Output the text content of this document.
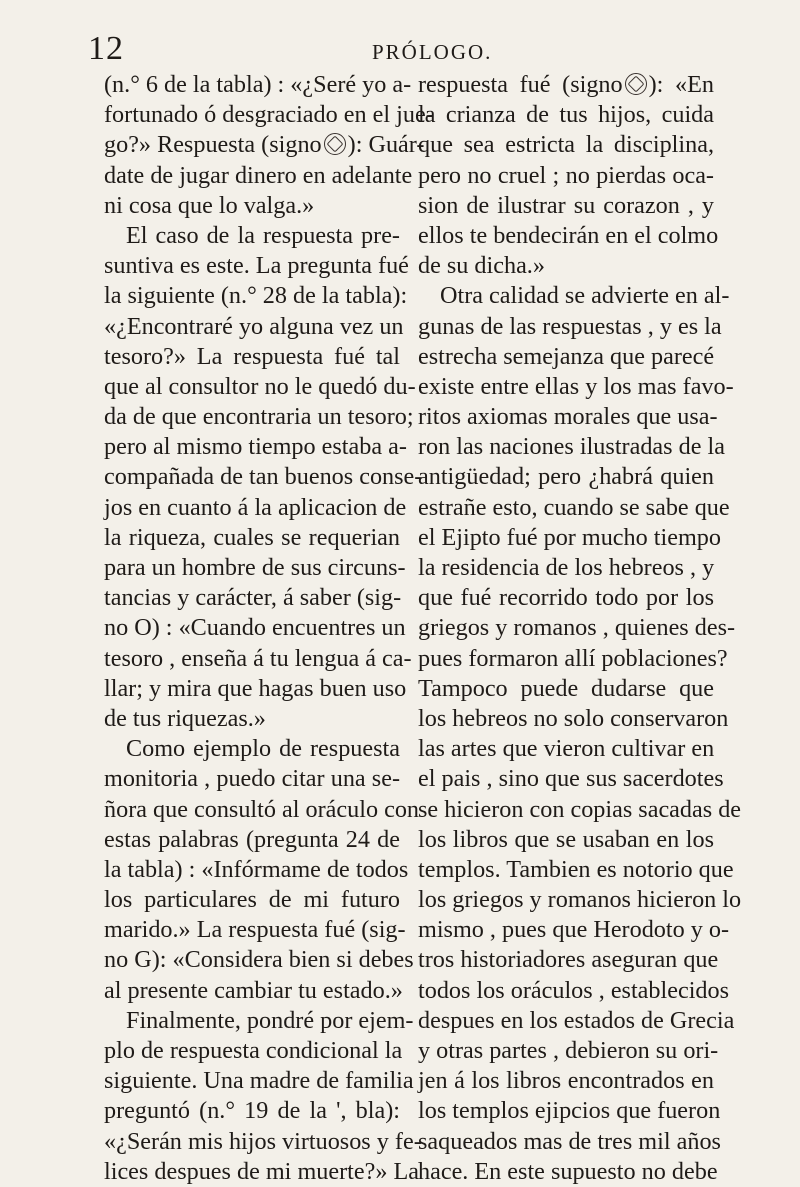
12	PRÓLOGO.
(n.° 6 de la tabla) : «¿Seré yo a-
fortunado ó desgraciado en el jue-
go?» Respuesta (signo ): Guár-
date de jugar dinero en adelante
ni cosa que lo valga.»
El caso de la respuesta pre-
suntiva es este. La pregunta fué
la siguiente (n.° 28 de la tabla):
«¿Encontraré yo alguna vez un
tesoro?» La respuesta fué tal
que al consultor no le quedó du-
da de que encontraria un tesoro;
pero al mismo tiempo estaba a-
compañada de tan buenos conse-
jos en cuanto á la aplicacion de
la riqueza, cuales se requerian
para un hombre de sus circuns-
tancias y carácter, á saber (sig-
no O) : «Cuando encuentres un
tesoro , enseña á tu lengua á ca-
llar; y mira que hagas buen uso
de tus riquezas.»
Como ejemplo de respuesta
monitoria , puedo citar una se-
ñora que consultó al oráculo con
estas palabras (pregunta 24 de
la tabla) : «Infórmame de todos
los particulares de mi futuro
marido.» La respuesta fué (sig-
no G): «Considera bien si debes
al presente cambiar tu estado.»
Finalmente, pondré por ejem-
plo de respuesta condicional la
siguiente. Una madre de familia
preguntó (n.° 19 de la ', bla):
«¿Serán mis hijos virtuosos y fe-
lices despues de mi muerte?» La
respuesta fué (signo ): «En
la crianza de tus hijos, cuida
que sea estricta la disciplina,
pero no cruel ; no pierdas oca-
sion de ilustrar su corazon , y
ellos te bendecirán en el colmo
de su dicha.»
Otra calidad se advierte en al-
gunas de las respuestas , y es la
estrecha semejanza que parecé
existe entre ellas y los mas favo-
ritos axiomas morales que usa-
ron las naciones ilustradas de la
antigüedad; pero ¿habrá quien
estrañe esto, cuando se sabe que
el Ejipto fué por mucho tiempo
la residencia de los hebreos , y
que fué recorrido todo por los
griegos y romanos , quienes des-
pues formaron allí poblaciones?
Tampoco puede dudarse que
los hebreos no solo conservaron
las artes que vieron cultivar en
el pais , sino que sus sacerdotes
se hicieron con copias sacadas de
los libros que se usaban en los
templos. Tambien es notorio que
los griegos y romanos hicieron lo
mismo , pues que Herodoto y o-
tros historiadores aseguran que
todos los oráculos , establecidos
despues en los estados de Grecia
y otras partes , debieron su ori-
jen á los libros encontrados en
los templos ejipcios que fueron
saqueados mas de tres mil años
hace. En este supuesto no debe
